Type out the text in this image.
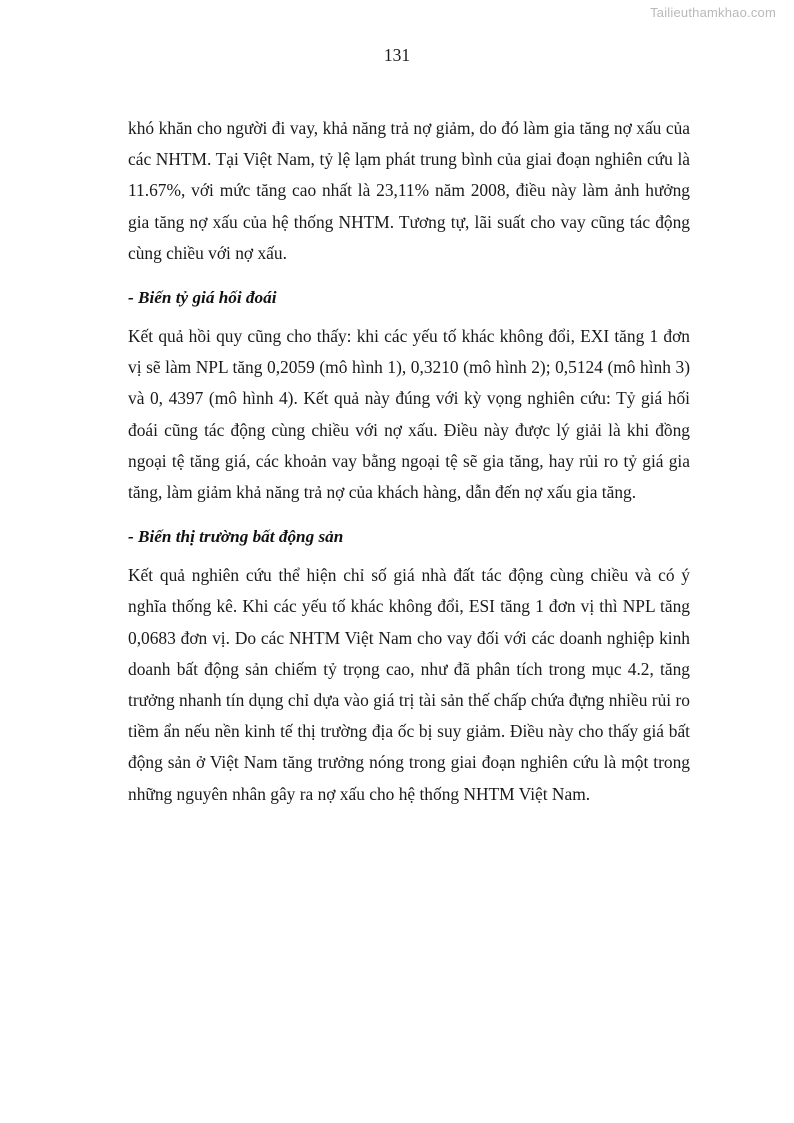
Tailieuthamkhao.com
131

khó khăn cho người đi vay, khả năng trả nợ giảm, do đó làm gia tăng nợ xấu của các NHTM. Tại Việt Nam, tỷ lệ lạm phát trung bình của giai đoạn nghiên cứu là 11.67%, với mức tăng cao nhất là 23,11% năm 2008, điều này làm ảnh hưởng gia tăng nợ xấu của hệ thống NHTM. Tương tự, lãi suất cho vay cũng tác động cùng chiều với nợ xấu.

- Biến tỷ giá hối đoái

Kết quả hồi quy cũng cho thấy: khi các yếu tố khác không đổi, EXI tăng 1 đơn vị sẽ làm NPL tăng 0,2059 (mô hình 1), 0,3210 (mô hình 2); 0,5124 (mô hình 3) và 0, 4397 (mô hình 4). Kết quả này đúng với kỳ vọng nghiên cứu: Tỷ giá hối đoái cũng tác động cùng chiều với nợ xấu. Điều này được lý giải là khi đồng ngoại tệ tăng giá, các khoản vay bằng ngoại tệ sẽ gia tăng, hay rủi ro tỷ giá gia tăng, làm giảm khả năng trả nợ của khách hàng, dẫn đến nợ xấu gia tăng.

- Biến thị trường bất động sản

Kết quả nghiên cứu thể hiện chỉ số giá nhà đất tác động cùng chiều và có ý nghĩa thống kê. Khi các yếu tố khác không đổi, ESI tăng 1 đơn vị thì NPL tăng 0,0683 đơn vị. Do các NHTM Việt Nam cho vay đối với các doanh nghiệp kinh doanh bất động sản chiếm tỷ trọng cao, như đã phân tích trong mục 4.2, tăng trưởng nhanh tín dụng chỉ dựa vào giá trị tài sản thế chấp chứa đựng nhiều rủi ro tiềm ẩn nếu nền kinh tế thị trường địa ốc bị suy giảm. Điều này cho thấy giá bất động sản ở Việt Nam tăng trưởng nóng trong giai đoạn nghiên cứu là một trong những nguyên nhân gây ra nợ xấu cho hệ thống NHTM Việt Nam.
